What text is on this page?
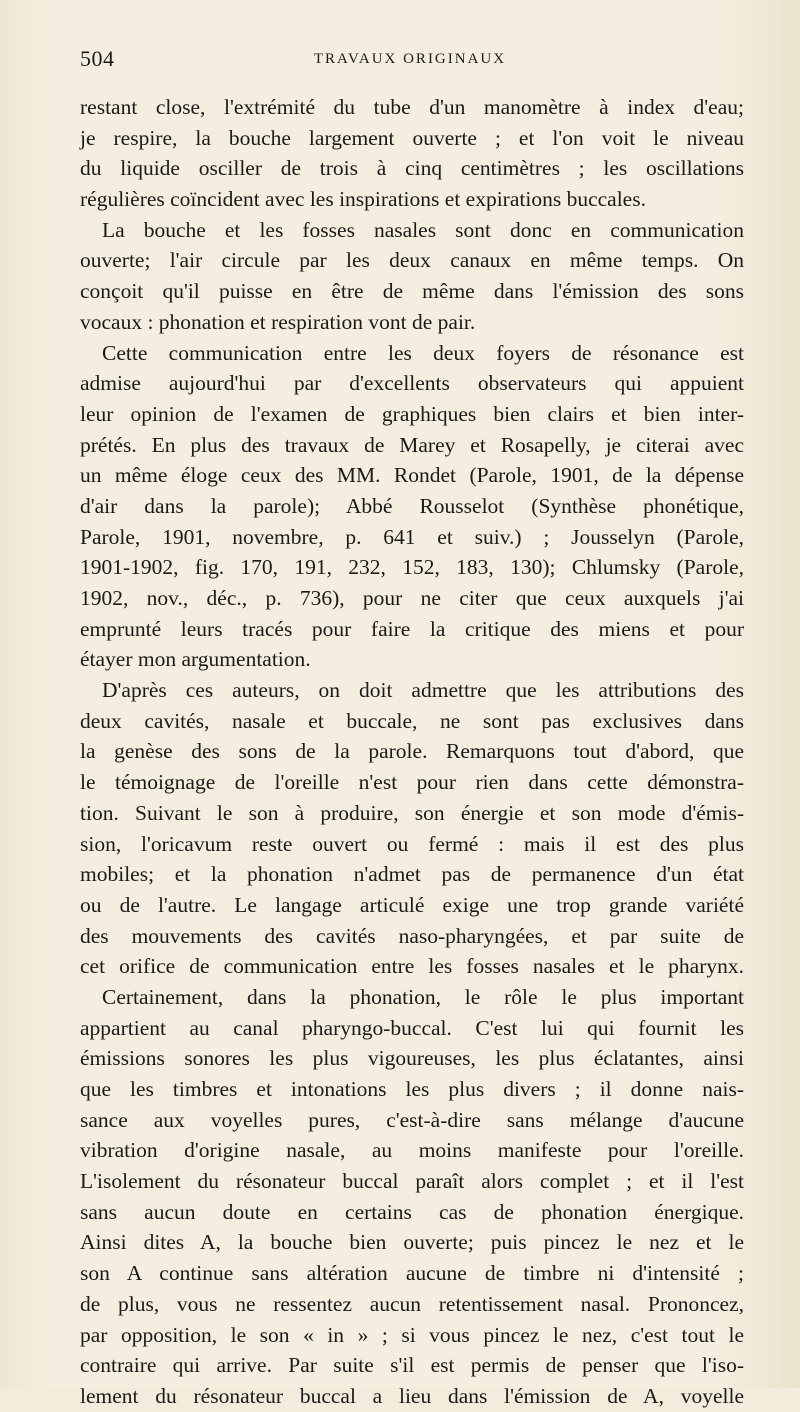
504	TRAVAUX ORIGINAUX
restant close, l'extrémité du tube d'un manomètre à index d'eau;
je respire, la bouche largement ouverte ; et l'on voit le niveau
du liquide osciller de trois à cinq centimètres ; les oscillations
régulières coïncident avec les inspirations et expirations buccales.
La bouche et les fosses nasales sont donc en communication
ouverte; l'air circule par les deux canaux en même temps. On
conçoit qu'il puisse en être de même dans l'émission des sons
vocaux : phonation et respiration vont de pair.
Cette communication entre les deux foyers de résonance est
admise aujourd'hui par d'excellents observateurs qui appuient
leur opinion de l'examen de graphiques bien clairs et bien inter-
prétés. En plus des travaux de Marey et Rosapelly, je citerai avec
un même éloge ceux des MM. Rondet (Parole, 1901, de la dépense
d'air dans la parole); Abbé Rousselot (Synthèse phonétique,
Parole, 1901, novembre, p. 641 et suiv.) ; Jousselyn (Parole,
1901-1902, fig. 170, 191, 232, 152, 183, 130); Chlumsky (Parole,
1902, nov., déc., p. 736), pour ne citer que ceux auxquels j'ai
emprunté leurs tracés pour faire la critique des miens et pour
étayer mon argumentation.
D'après ces auteurs, on doit admettre que les attributions des
deux cavités, nasale et buccale, ne sont pas exclusives dans
la genèse des sons de la parole. Remarquons tout d'abord, que
le témoignage de l'oreille n'est pour rien dans cette démonstra-
tion. Suivant le son à produire, son énergie et son mode d'émis-
sion, l'oricavum reste ouvert ou fermé : mais il est des plus
mobiles; et la phonation n'admet pas de permanence d'un état
ou de l'autre. Le langage articulé exige une trop grande variété
des mouvements des cavités naso-pharyngées, et par suite de
cet orifice de communication entre les fosses nasales et le pharynx.
Certainement, dans la phonation, le rôle le plus important
appartient au canal pharyngo-buccal. C'est lui qui fournit les
émissions sonores les plus vigoureuses, les plus éclatantes, ainsi
que les timbres et intonations les plus divers ; il donne nais-
sance aux voyelles pures, c'est-à-dire sans mélange d'aucune
vibration d'origine nasale, au moins manifeste pour l'oreille.
L'isolement du résonateur buccal paraît alors complet ; et il l'est
sans aucun doute en certains cas de phonation énergique.
Ainsi dites A, la bouche bien ouverte; puis pincez le nez et le
son A continue sans altération aucune de timbre ni d'intensité ;
de plus, vous ne ressentez aucun retentissement nasal. Prononcez,
par opposition, le son « in » ; si vous pincez le nez, c'est tout le
contraire qui arrive. Par suite s'il est permis de penser que l'iso-
lement du résonateur buccal a lieu dans l'émission de A, voyelle
